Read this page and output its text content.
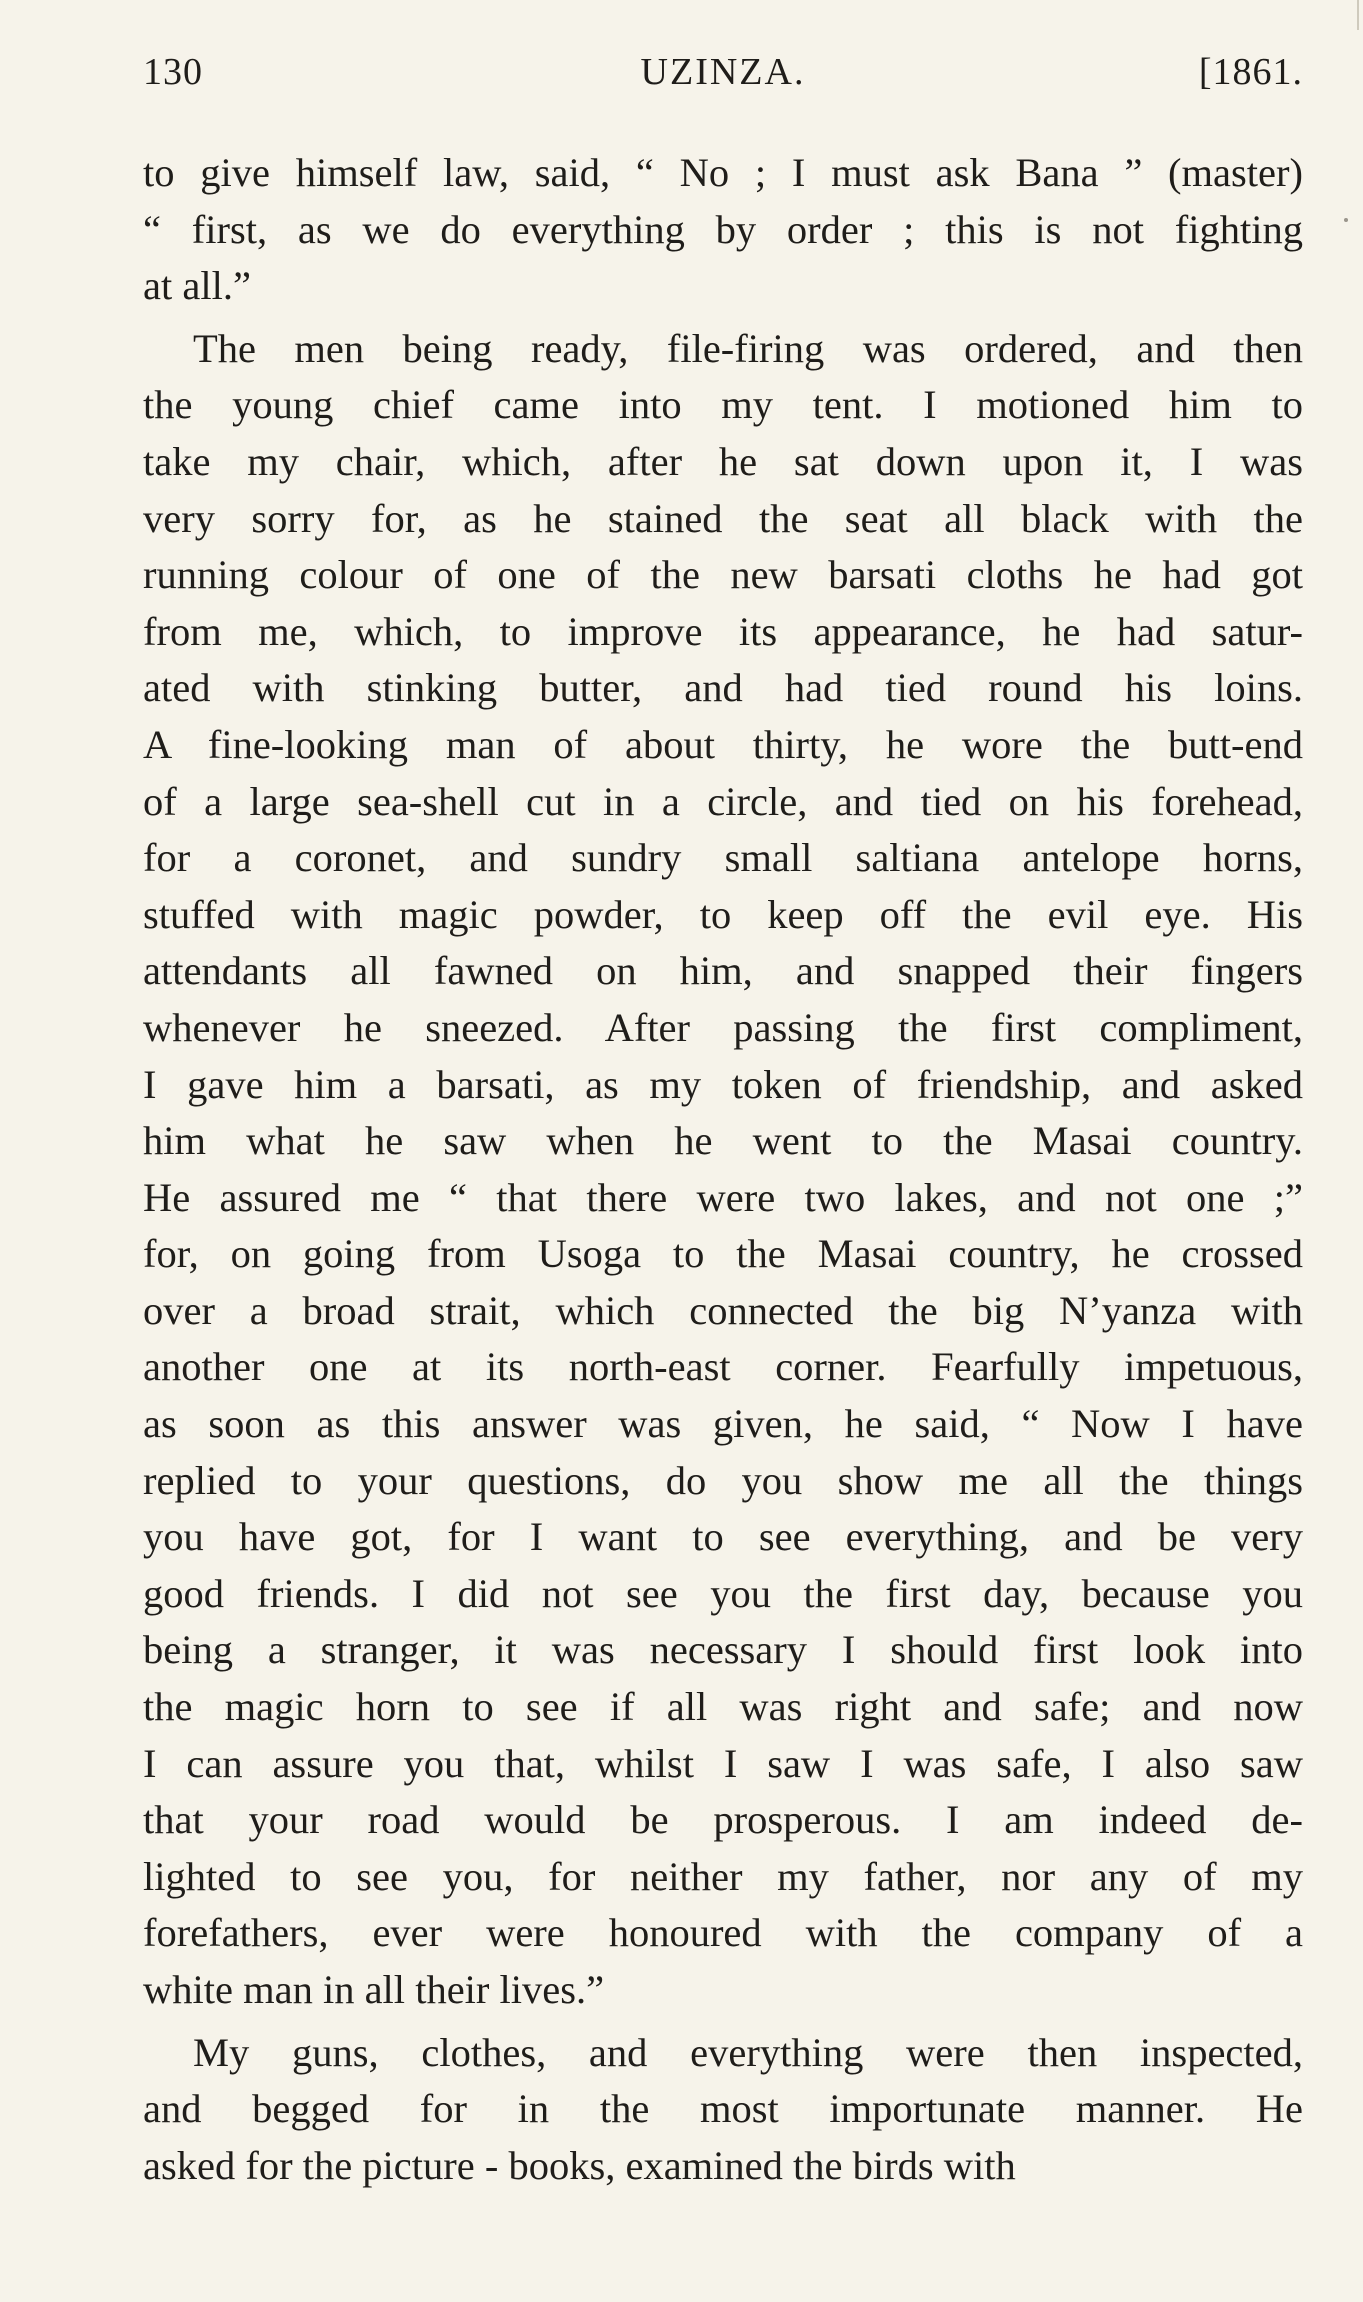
UZINZA.
130	[1861.
to give himself law, said, “ No ; I must ask Bana ” (master)
“ first, as we do everything by order ; this is not fighting
at all.”
The men being ready, file-firing was ordered, and then
the young chief came into my tent. I motioned him to
take my chair, which, after he sat down upon it, I was
very sorry for, as he stained the seat all black with the
running colour of one of the new barsati cloths he had got
from me, which, to improve its appearance, he had satur-
ated with stinking butter, and had tied round his loins.
A fine-looking man of about thirty, he wore the butt-end
of a large sea-shell cut in a circle, and tied on his forehead,
for a coronet, and sundry small saltiana antelope horns,
stuffed with magic powder, to keep off the evil eye. His
attendants all fawned on him, and snapped their fingers
whenever he sneezed. After passing the first compliment,
I gave him a barsati, as my token of friendship, and asked
him what he saw when he went to the Masai country.
He assured me “ that there were two lakes, and not one ;”
for, on going from Usoga to the Masai country, he crossed
over a broad strait, which connected the big N’yanza with
another one at its north-east corner. Fearfully impetuous,
as soon as this answer was given, he said, “ Now I have
replied to your questions, do you show me all the things
you have got, for I want to see everything, and be very
good friends. I did not see you the first day, because you
being a stranger, it was necessary I should first look into
the magic horn to see if all was right and safe; and now
I can assure you that, whilst I saw I was safe, I also saw
that your road would be prosperous. I am indeed de-
lighted to see you, for neither my father, nor any of my
forefathers, ever were honoured with the company of a
white man in all their lives.”
My guns, clothes, and everything were then inspected,
and begged for in the most importunate manner. He
asked for the picture - books, examined the birds with
